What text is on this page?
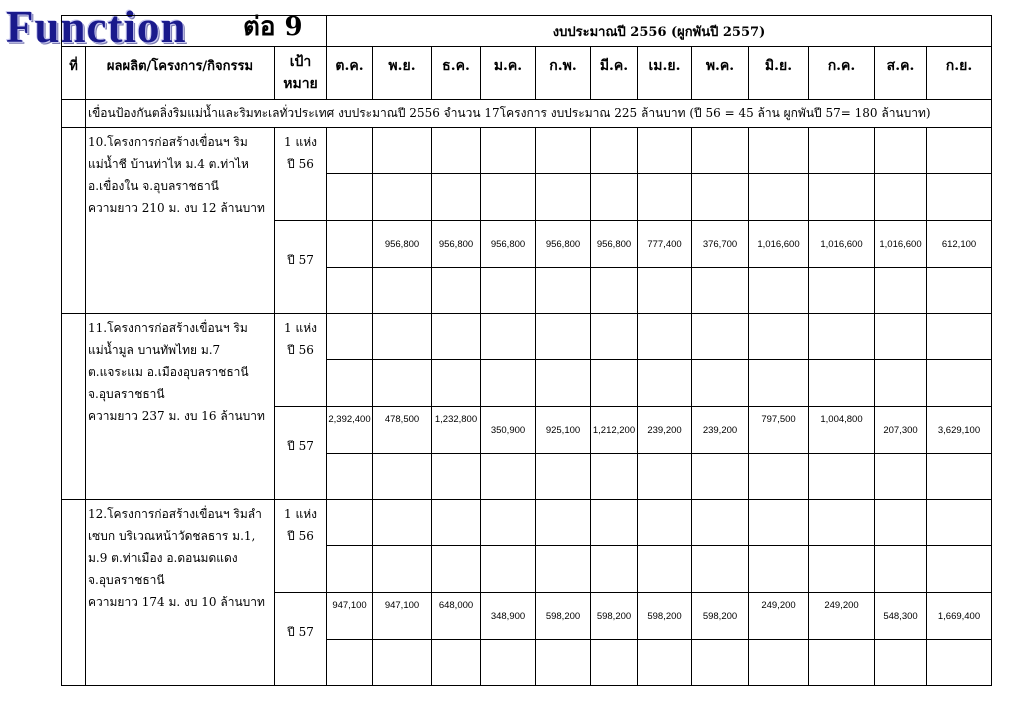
Function ต่อ 9
			งบประมาณปี 2556 (ผูกพันปี 2557)											
ที่	ผลผลิต/โครงการ/กิจกรรม	เป้าหมาย	ต.ค.	พ.ย.	ธ.ค.	ม.ค.	ก.พ.	มี.ค.	เม.ย.	พ.ค.	มิ.ย.	ก.ค.	ส.ค.	ก.ย.
	เขื่อนป้องกันตลิ่งริมแม่น้ำและริมทะเลทั่วประเทศ งบประมาณปี 2556 จำนวน 17โครงการ งบประมาณ 225 ล้านบาท (ปี 56 = 45 ล้าน ผูกพันปี 57= 180 ล้านบาท)													

	10.โครงการก่อสร้างเขื่อนฯ ริม
แม่น้ำชี บ้านท่าไห ม.4 ต.ท่าไห
อ.เขื่องใน จ.อุบลราชธานี
ความยาว 210 ม. งบ 12 ล้านบาท	1 แห่ง ปี 56												

		ปี 57		956,800	956,800	956,800	956,800	956,800	777,400	376,700	1,016,600	1,016,600	1,016,600	612,100

	11.โครงการก่อสร้างเขื่อนฯ ริม
แม่น้ำมูล บานทัพไทย ม.7
ต.แจระแม อ.เมืองอุบลราชธานี
จ.อุบลราชธานี
ความยาว 237 ม. งบ 16 ล้านบาท	1 แห่ง ปี 56												

		ปี 57	2,392,400	478,500	1,232,800	350,900	925,100	1,212,200	239,200	239,200	797,500	1,004,800	207,300	3,629,100

	12.โครงการก่อสร้างเขื่อนฯ ริมลำ
เซบก บริเวณหน้าวัดชลธาร ม.1,
ม.9 ต.ท่าเมือง อ.ดอนมดแดง
จ.อุบลราชธานี
ความยาว 174 ม. งบ 10 ล้านบาท	1 แห่ง ปี 56												

		ปี 57	947,100	947,100	648,000	348,900	598,200	598,200	598,200	598,200	249,200	249,200	548,300	1,669,400
